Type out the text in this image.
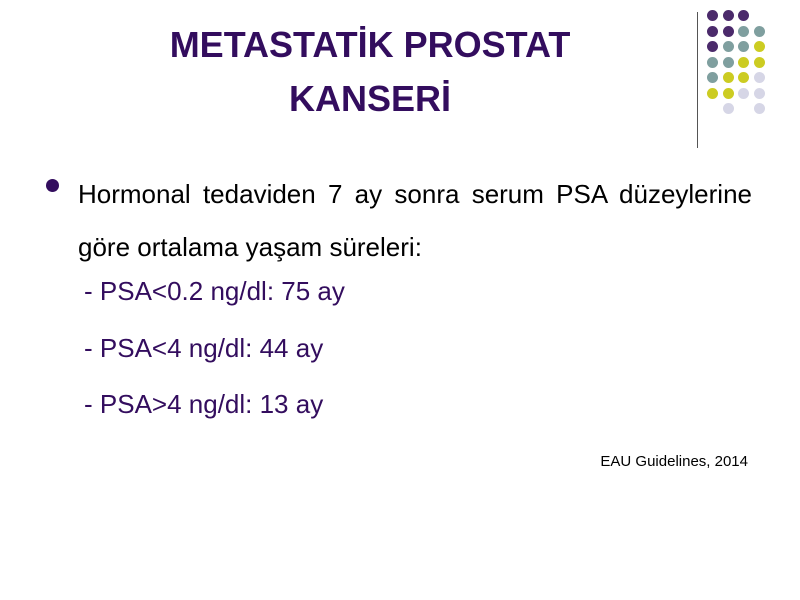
METASTATİK PROSTAT
KANSERİ
Hormonal tedaviden 7 ay sonra serum PSA düzeylerine göre ortalama yaşam süreleri:
- PSA<0.2 ng/dl: 75 ay
- PSA<4 ng/dl: 44 ay
- PSA>4 ng/dl: 13 ay
EAU Guidelines, 2014
